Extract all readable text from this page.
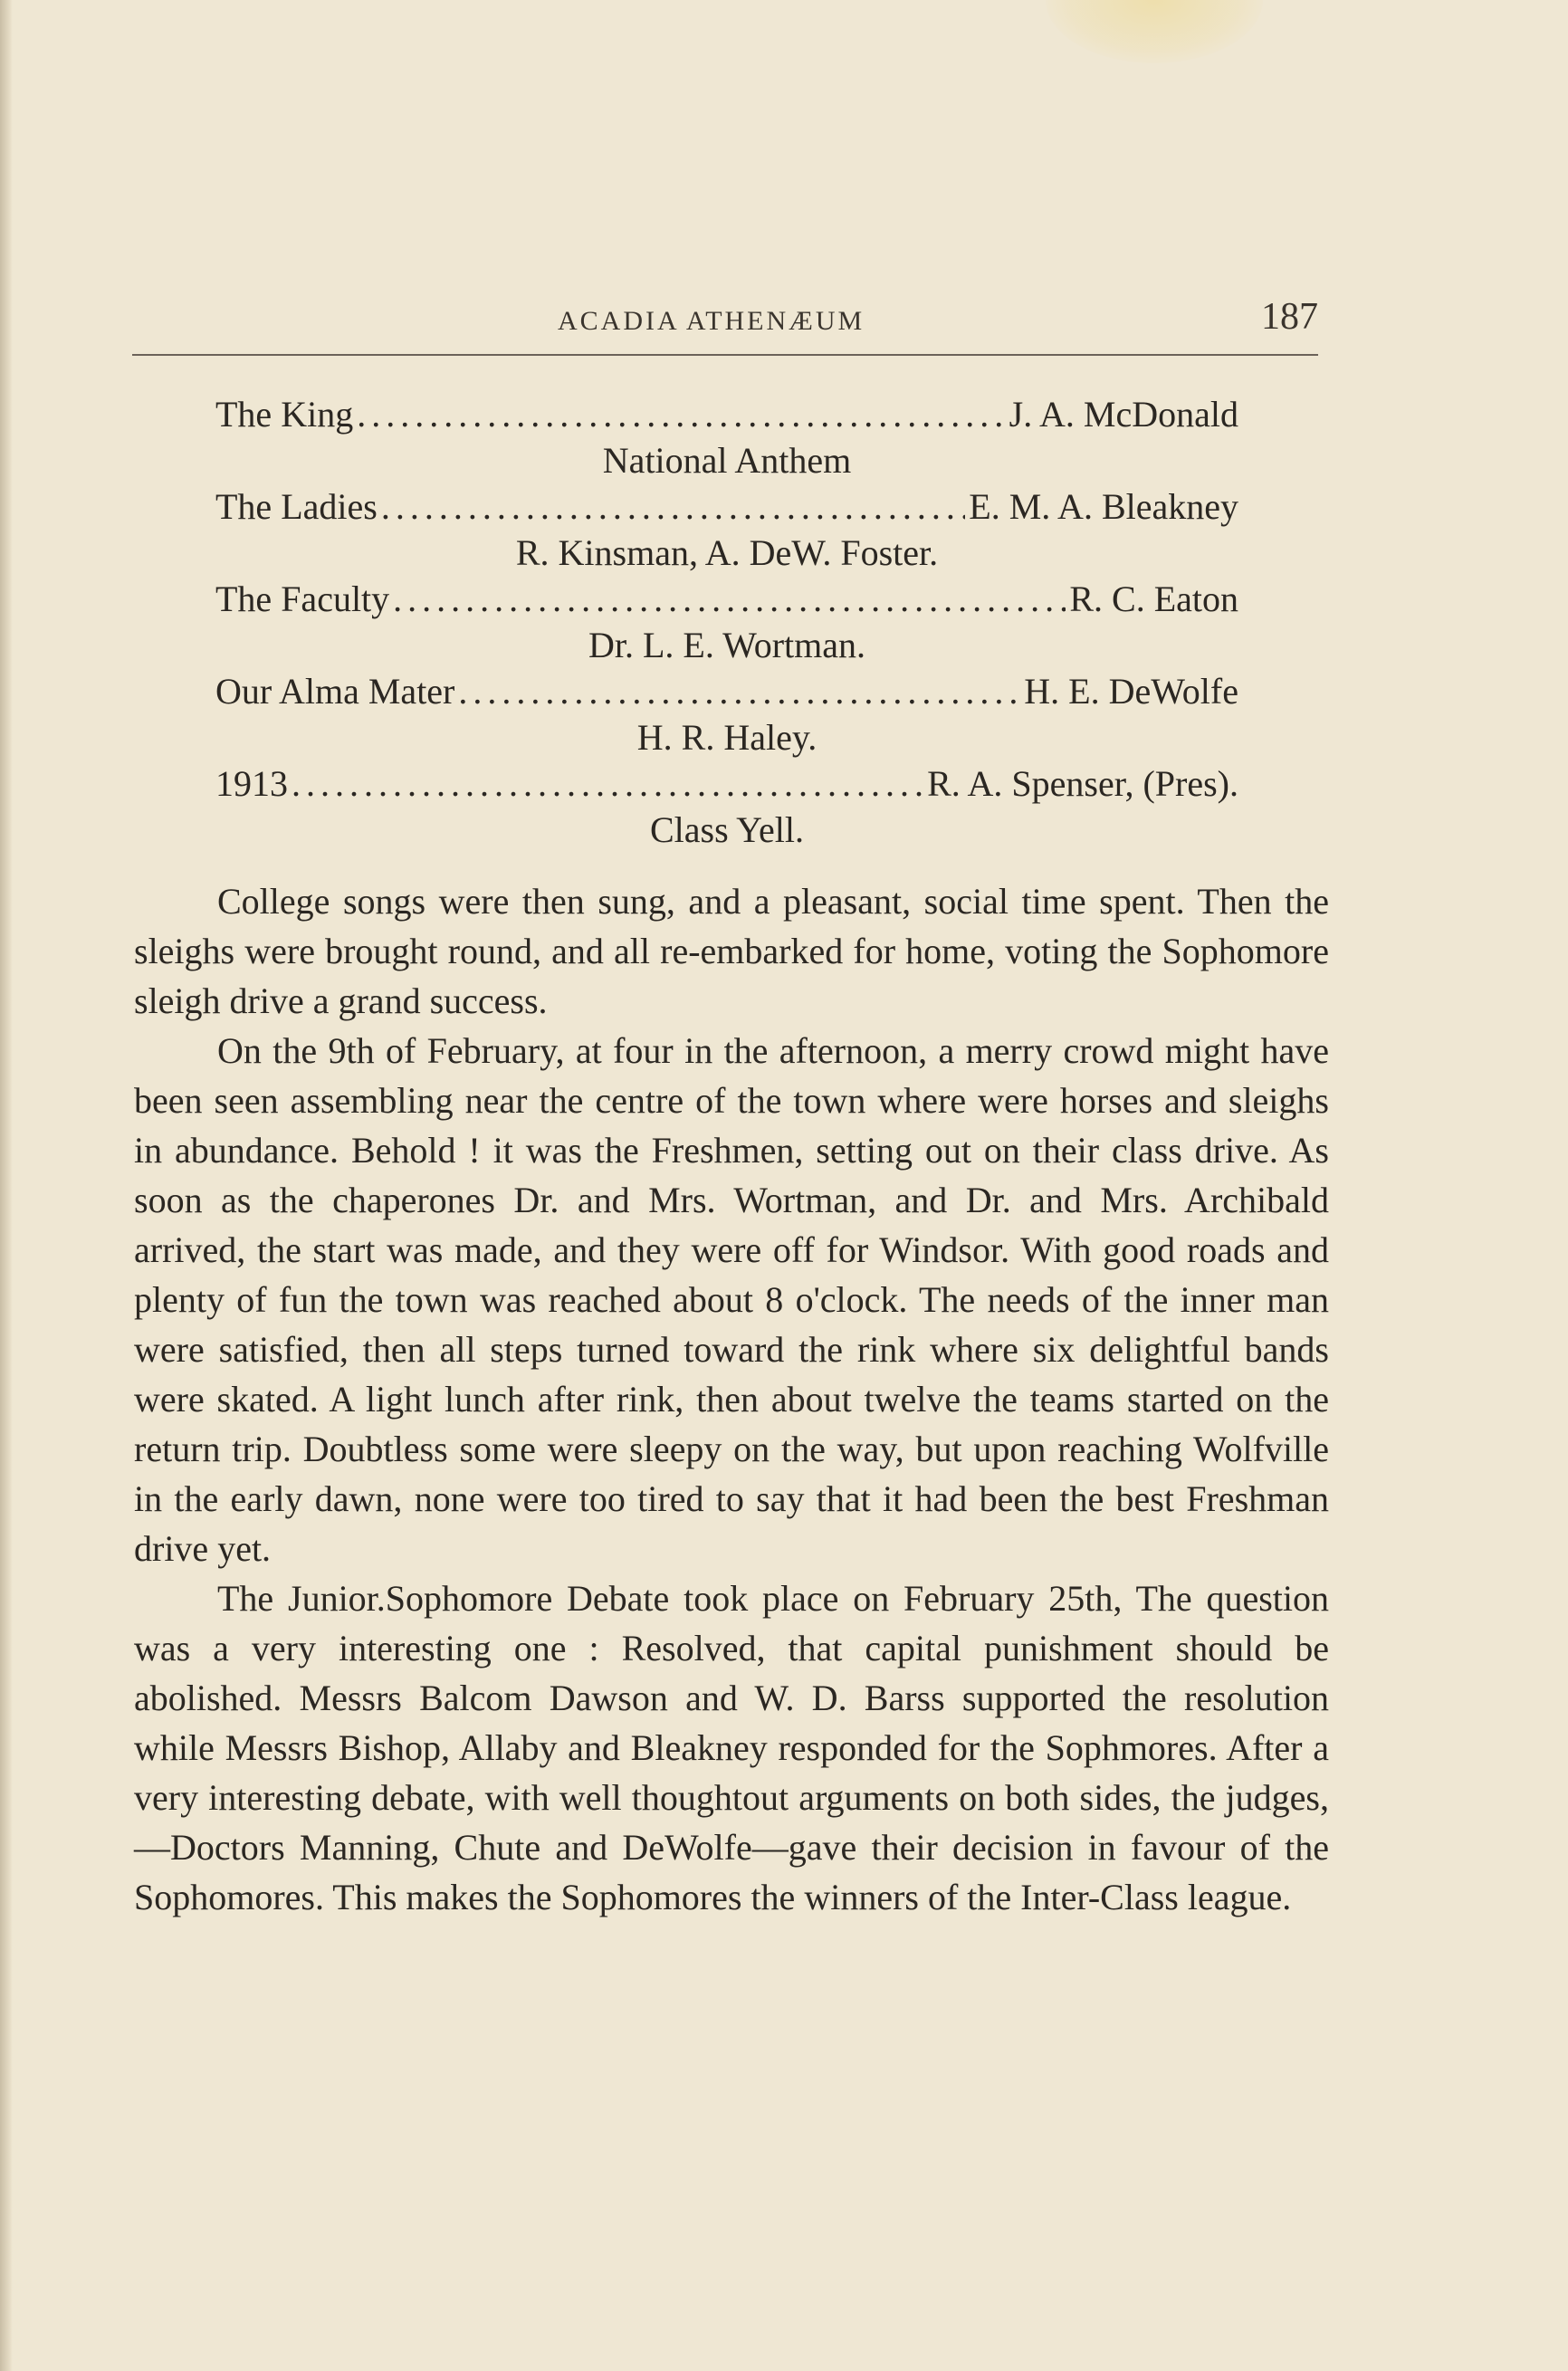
ACADIA ATHENÆUM	187
The King .....	J. A. McDonald
National Anthem
The Ladies .....	E. M. A. Bleakney
R. Kinsman, A. DeW. Foster.
The Faculty .....	R. C. Eaton
Dr. L. E. Wortman.
Our Alma Mater .....	H. E. DeWolfe
H. R. Haley.
1913 .....	R. A. Spenser, (Pres).
Class Yell.

College songs were then sung, and a pleasant, social time spent. Then the sleighs were brought round, and all re-embarked for home, voting the Sophomore sleigh drive a grand success.

On the 9th of February, at four in the afternoon, a merry crowd might have been seen assembling near the centre of the town where were horses and sleighs in abundance. Behold ! it was the Freshmen, setting out on their class drive. As soon as the chaperones Dr. and Mrs. Wortman, and Dr. and Mrs. Archibald arrived, the start was made, and they were off for Windsor. With good roads and plenty of fun the town was reached about 8 o'clock. The needs of the inner man were satisfied, then all steps turned toward the rink where six delightful bands were skated. A light lunch after rink, then about twelve the teams started on the return trip. Doubtless some were sleepy on the way, but upon reaching Wolfville in the early dawn, none were too tired to say that it had been the best Freshman drive yet.

The Junior.Sophomore Debate took place on February 25th, The question was a very interesting one : Resolved, that capital punishment should be abolished. Messrs Balcom Dawson and W. D. Barss supported the resolution while Messrs Bishop, Allaby and Bleakney responded for the Sophmores. After a very interesting debate, with well thoughtout arguments on both sides, the judges,—Doctors Manning, Chute and DeWolfe—gave their decision in favour of the Sophomores. This makes the Sophomores the winners of the Inter-Class league.
